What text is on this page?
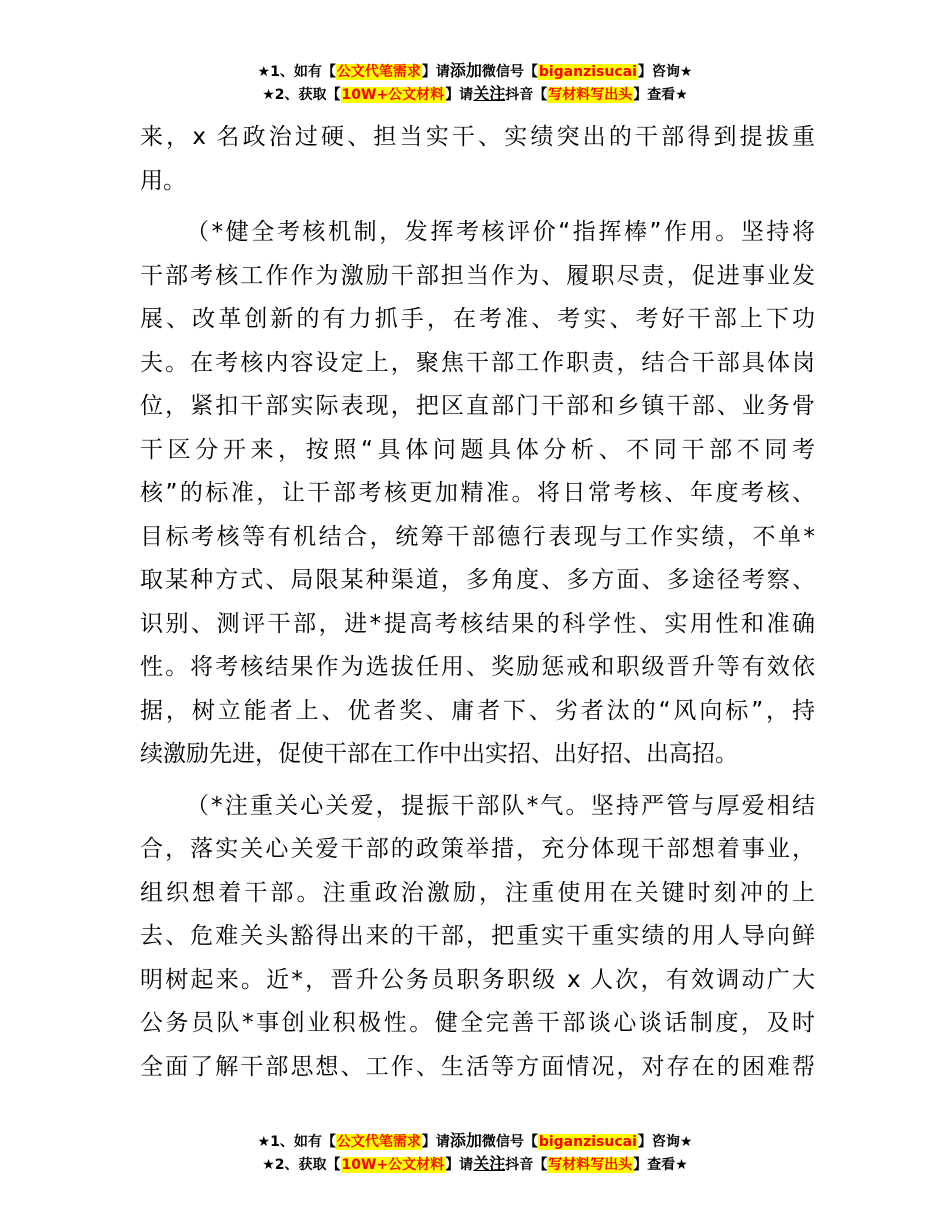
★1、如有【公文代笔需求】请添加微信号【biganzisucai】咨询★
★2、获取【10W+公文材料】请关注抖音【写材料写出头】查看★

来，x 名政治过硬、担当实干、实绩突出的干部得到提拔重
用。

（*健全考核机制，发挥考核评价“指挥棒”作用。坚持将
干部考核工作作为激励干部担当作为、履职尽责，促进事业发
展、改革创新的有力抓手，在考准、考实、考好干部上下功
夫。在考核内容设定上，聚焦干部工作职责，结合干部具体岗
位，紧扣干部实际表现，把区直部门干部和乡镇干部、业务骨
干区分开来，按照“具体问题具体分析、不同干部不同考
核”的标准，让干部考核更加精准。将日常考核、年度考核、
目标考核等有机结合，统筹干部德行表现与工作实绩，不单*
取某种方式、局限某种渠道，多角度、多方面、多途径考察、
识别、测评干部，进*提高考核结果的科学性、实用性和准确
性。将考核结果作为选拔任用、奖励惩戒和职级晋升等有效依
据，树立能者上、优者奖、庸者下、劣者汰的“风向标”，持
续激励先进，促使干部在工作中出实招、出好招、出高招。

（*注重关心关爱，提振干部队*气。坚持严管与厚爱相结
合，落实关心关爱干部的政策举措，充分体现干部想着事业，
组织想着干部。注重政治激励，注重使用在关键时刻冲的上
去、危难关头豁得出来的干部，把重实干重实绩的用人导向鲜
明树起来。近*，晋升公务员职务职级 x 人次，有效调动广大
公务员队*事创业积极性。健全完善干部谈心谈话制度，及时
全面了解干部思想、工作、生活等方面情况，对存在的困难帮

★1、如有【公文代笔需求】请添加微信号【biganzisucai】咨询★
★2、获取【10W+公文材料】请关注抖音【写材料写出头】查看★
